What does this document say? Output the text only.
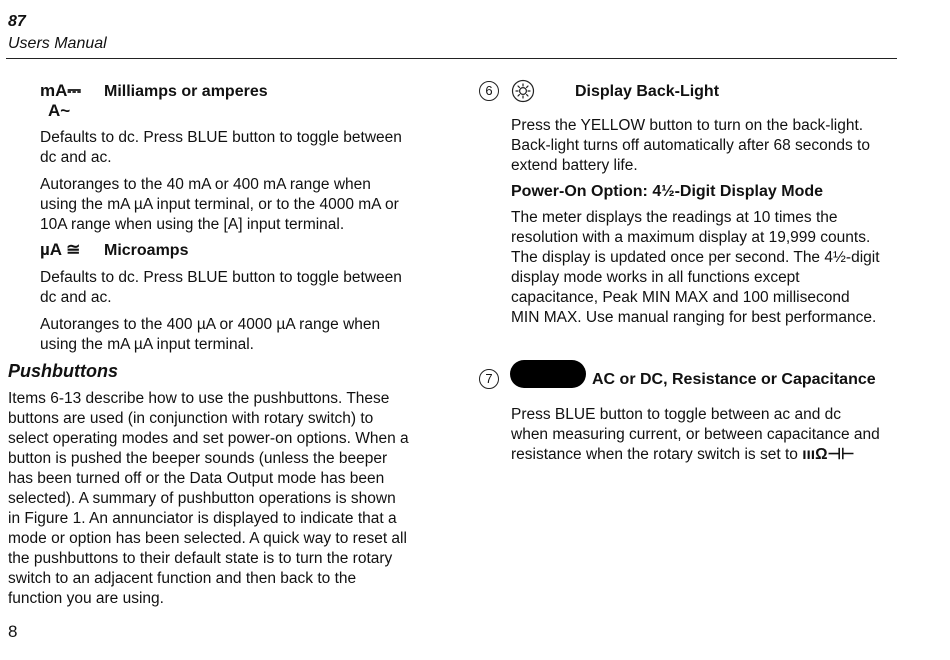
87
Users Manual
mA⎓
A~
Milliamps or amperes

Defaults to dc. Press BLUE button to toggle between

dc and ac.

Autoranges to the 40 mA or 400 mA range when

using the mA µA input terminal, or to the 4000 mA or

10A range when using the [A] input terminal.

µA ≅ Microamps

Defaults to dc. Press BLUE button to toggle between

dc and ac.

Autoranges to the 400 µA or 4000 µA range when

using the mA µA input terminal.

Pushbuttons

Items 6-13 describe how to use the pushbuttons. These

buttons are used (in conjunction with rotary switch) to

select operating modes and set power-on options. When a

button is pushed the beeper sounds (unless the beeper

has been turned off or the Data Output mode has been

selected). A summary of pushbutton operations is shown

in Figure 1. An annunciator is displayed to indicate that a

mode or option has been selected. A quick way to reset all

the pushbuttons to their default state is to turn the rotary

switch to an adjacent function and then back to the

function you are using.

6	Display Back-Light

Press the YELLOW button to turn on the back-light.

Back-light turns off automatically after 68 seconds to

extend battery life.

Power-On Option: 4½-Digit Display Mode

The meter displays the readings at 10 times the

resolution with a maximum display at 19,999 counts.

The display is updated once per second. The 4½-digit

display mode works in all functions except

capacitance, Peak MIN MAX and 100 millisecond

MIN MAX. Use manual ranging for best performance.

7	AC or DC, Resistance or Capacitance

Press BLUE button to toggle between ac and dc

when measuring current, or between capacitance and

resistance when the rotary switch is set to ıııΩ⊣⊢

8
